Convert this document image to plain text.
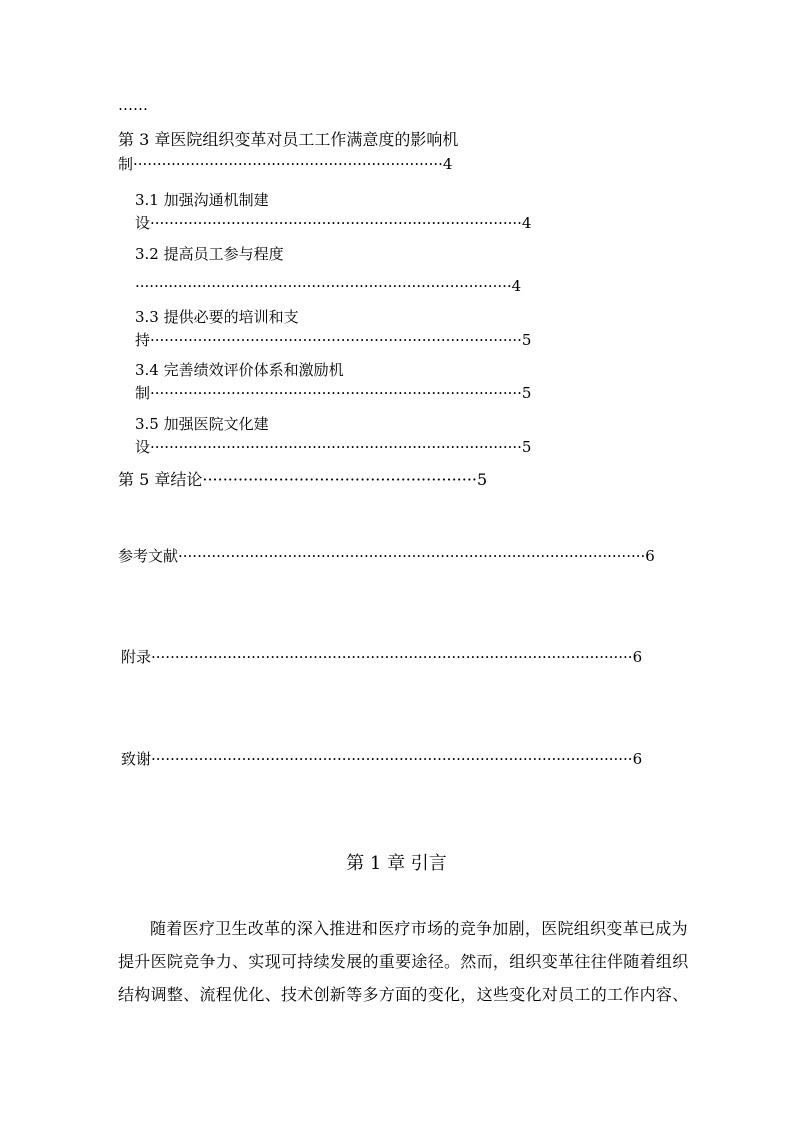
……
第 3 章医院组织变革对员工工作满意度的影响机
制·································································4
3.1 加强沟通机制建
设··············································································4
3.2 提高员工参与程度
···············································································4
3.3 提供必要的培训和支
持··············································································5
3.4 完善绩效评价体系和激励机
制··············································································5
3.5 加强医院文化建
设··············································································5
第 5 章结论······················································5
参考文献··································································································6
附录·····································································································6
致谢·····································································································6
第 1 章 引言
随着医疗卫生改革的深入推进和医疗市场的竞争加剧，医院组织变革已成为
提升医院竞争力、实现可持续发展的重要途径。然而，组织变革往往伴随着组织
结构调整、流程优化、技术创新等多方面的变化，这些变化对员工的工作内容、
